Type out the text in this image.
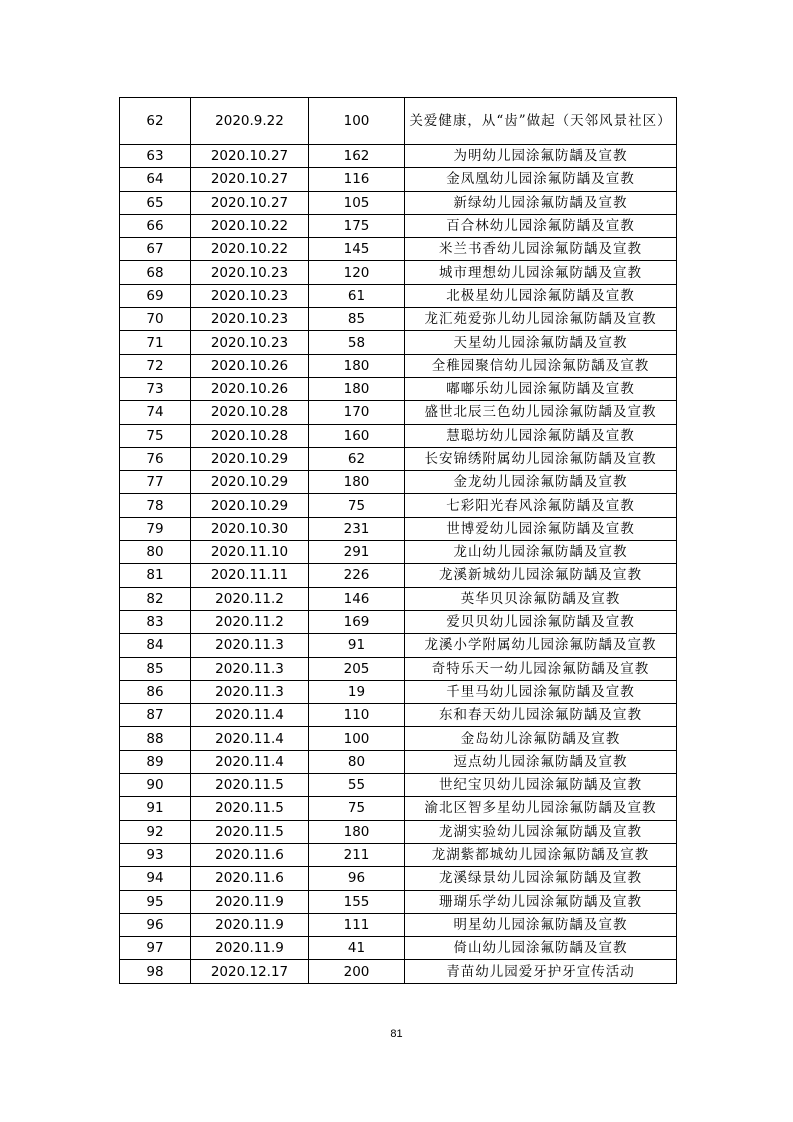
62	2020.9.22	100	关爱健康，从“齿”做起（天邻风景社区）
63	2020.10.27	162	为明幼儿园涂氟防龋及宣教
64	2020.10.27	116	金凤凰幼儿园涂氟防龋及宣教
65	2020.10.27	105	新绿幼儿园涂氟防龋及宣教
66	2020.10.22	175	百合林幼儿园涂氟防龋及宣教
67	2020.10.22	145	米兰书香幼儿园涂氟防龋及宣教
68	2020.10.23	120	城市理想幼儿园涂氟防龋及宣教
69	2020.10.23	61	北极星幼儿园涂氟防龋及宣教
70	2020.10.23	85	龙汇苑爱弥儿幼儿园涂氟防龋及宣教
71	2020.10.23	58	天星幼儿园涂氟防龋及宣教
72	2020.10.26	180	全稚园聚信幼儿园涂氟防龋及宣教
73	2020.10.26	180	嘟嘟乐幼儿园涂氟防龋及宣教
74	2020.10.28	170	盛世北辰三色幼儿园涂氟防龋及宣教
75	2020.10.28	160	慧聪坊幼儿园涂氟防龋及宣教
76	2020.10.29	62	长安锦绣附属幼儿园涂氟防龋及宣教
77	2020.10.29	180	金龙幼儿园涂氟防龋及宣教
78	2020.10.29	75	七彩阳光春风涂氟防龋及宣教
79	2020.10.30	231	世博爱幼儿园涂氟防龋及宣教
80	2020.11.10	291	龙山幼儿园涂氟防龋及宣教
81	2020.11.11	226	龙溪新城幼儿园涂氟防龋及宣教
82	2020.11.2	146	英华贝贝涂氟防龋及宣教
83	2020.11.2	169	爱贝贝幼儿园涂氟防龋及宣教
84	2020.11.3	91	龙溪小学附属幼儿园涂氟防龋及宣教
85	2020.11.3	205	奇特乐天一幼儿园涂氟防龋及宣教
86	2020.11.3	19	千里马幼儿园涂氟防龋及宣教
87	2020.11.4	110	东和春天幼儿园涂氟防龋及宣教
88	2020.11.4	100	金岛幼儿涂氟防龋及宣教
89	2020.11.4	80	逗点幼儿园涂氟防龋及宣教
90	2020.11.5	55	世纪宝贝幼儿园涂氟防龋及宣教
91	2020.11.5	75	渝北区智多星幼儿园涂氟防龋及宣教
92	2020.11.5	180	龙湖实验幼儿园涂氟防龋及宣教
93	2020.11.6	211	龙湖紫都城幼儿园涂氟防龋及宣教
94	2020.11.6	96	龙溪绿景幼儿园涂氟防龋及宣教
95	2020.11.9	155	珊瑚乐学幼儿园涂氟防龋及宣教
96	2020.11.9	111	明星幼儿园涂氟防龋及宣教
97	2020.11.9	41	倚山幼儿园涂氟防龋及宣教
98	2020.12.17	200	青苗幼儿园爱牙护牙宣传活动
81
